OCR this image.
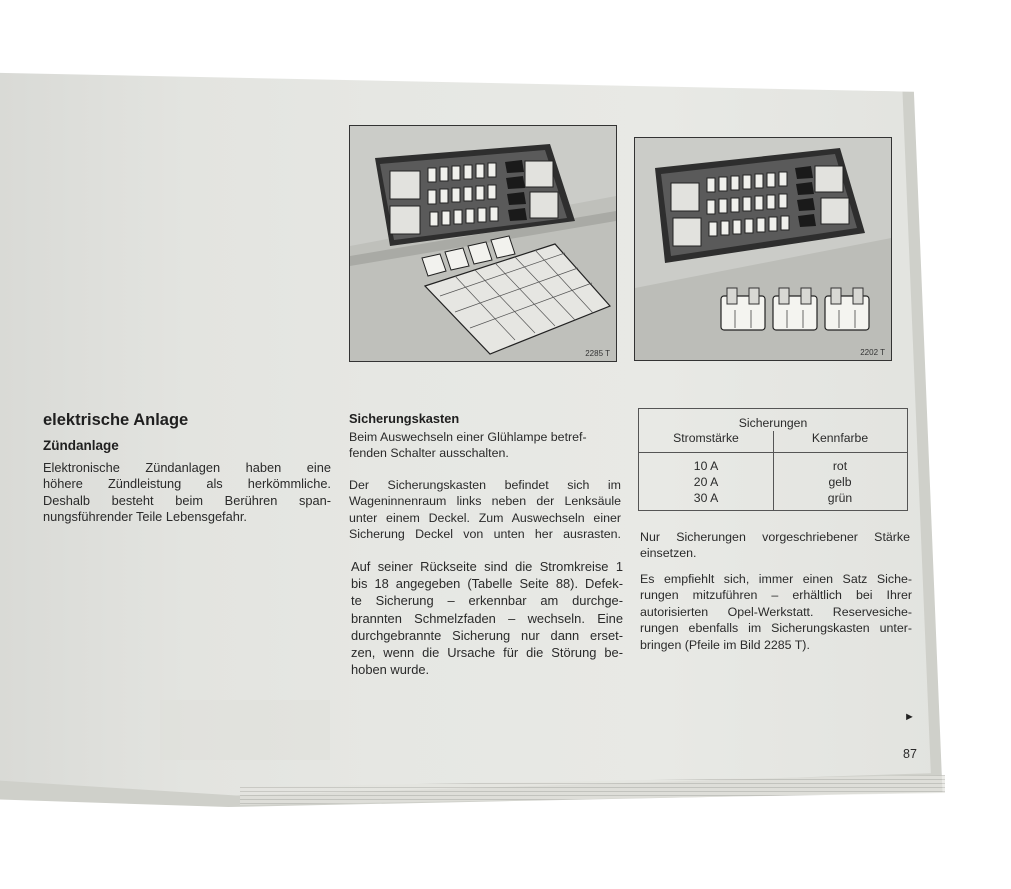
2285 T	2202 T
elektrische Anlage
Zündanlage
Elektronische Zündanlagen haben eine
höhere Zündleistung als herkömmliche.
Deshalb besteht beim Berühren span-
nungsführender Teile Lebensgefahr.
Sicherungskasten
Beim Auswechseln einer Glühlampe betref-
fenden Schalter ausschalten.
Der Sicherungskasten befindet sich im
Wageninnenraum links neben der Lenksäule
unter einem Deckel. Zum Auswechseln einer
Sicherung Deckel von unten her ausrasten.
Auf seiner Rückseite sind die Stromkreise 1
bis 18 angegeben (Tabelle Seite 88). Defek-
te Sicherung – erkennbar am durchge-
brannten Schmelzfaden – wechseln. Eine
durchgebrannte Sicherung nur dann erset-
zen, wenn die Ursache für die Störung be-
hoben wurde.
Sicherungen
Stromstärke	Kennfarbe
10 A
20 A
30 A
rot
gelb
grün
Nur Sicherungen vorgeschriebener Stärke
einsetzen.
Es empfiehlt sich, immer einen Satz Siche-
rungen mitzuführen – erhältlich bei Ihrer
autorisierten Opel-Werkstatt. Reservesiche-
rungen ebenfalls im Sicherungskasten unter-
bringen (Pfeile im Bild 2285 T).
►
87
